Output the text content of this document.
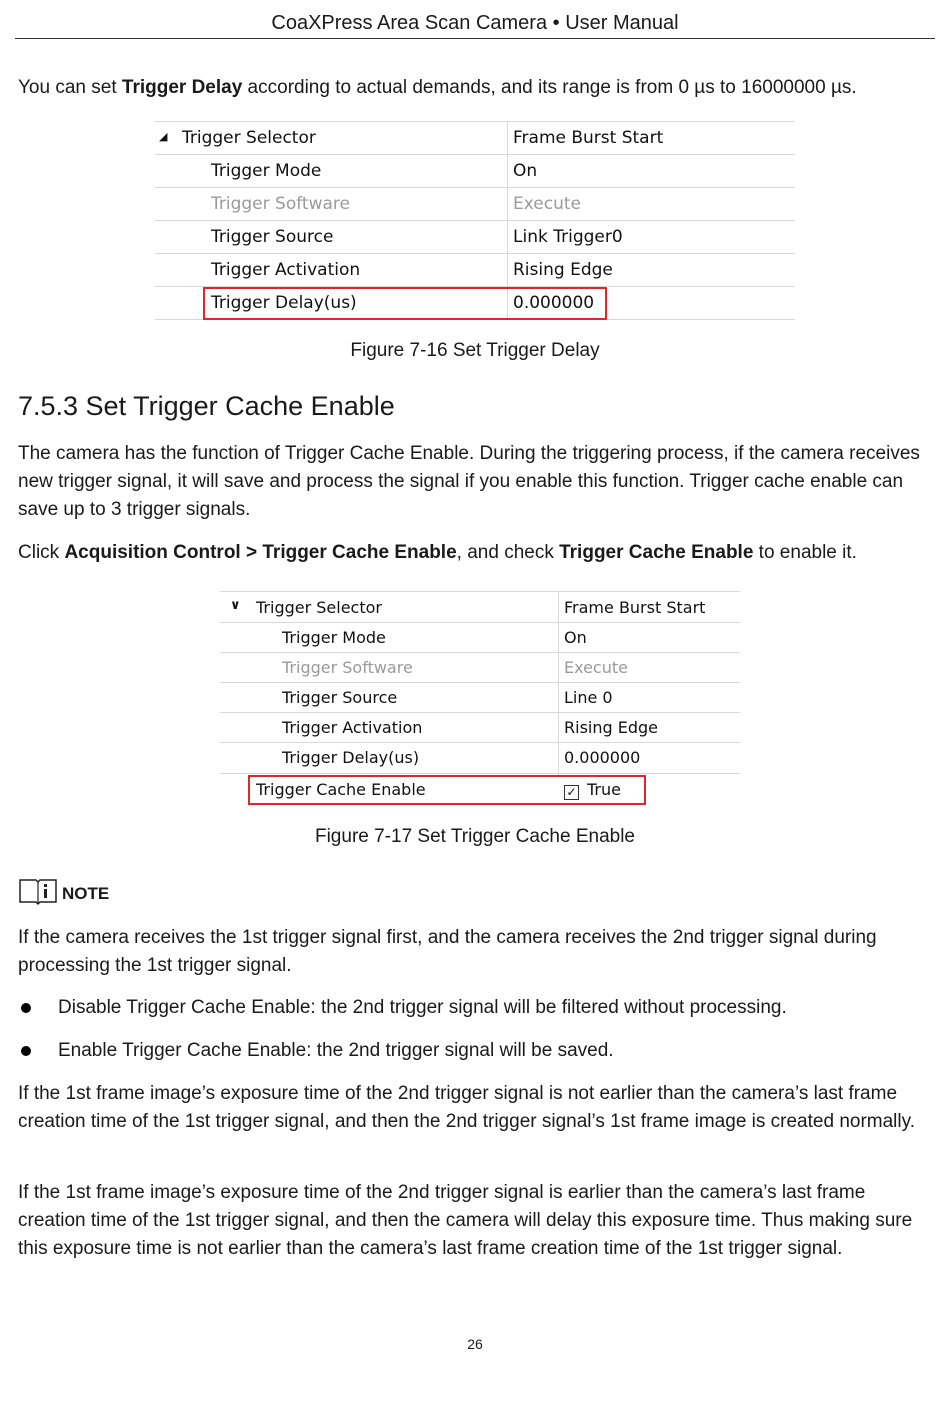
CoaXPress Area Scan Camera • User Manual

You can set Trigger Delay according to actual demands, and its range is from 0 µs to 16000000 µs.

◢ Trigger Selector	Frame Burst Start
Trigger Mode	On
Trigger Software	Execute
Trigger Source	Link Trigger0
Trigger Activation	Rising Edge
Trigger Delay(us)	0.000000
Figure 7-16 Set Trigger Delay
7.5.3 Set Trigger Cache Enable

The camera has the function of Trigger Cache Enable. During the triggering process, if the camera receives new trigger signal, it will save and process the signal if you enable this function. Trigger cache enable can save up to 3 trigger signals.

Click Acquisition Control > Trigger Cache Enable, and check Trigger Cache Enable to enable it.

∨ Trigger Selector	Frame Burst Start
Trigger Mode	On
Trigger Software	Execute
Trigger Source	Line 0
Trigger Activation	Rising Edge
Trigger Delay(us)	0.000000
Trigger Cache Enable	✓ True
Figure 7-17 Set Trigger Cache Enable
NOTE

If the camera receives the 1st trigger signal first, and the camera receives the 2nd trigger signal during processing the 1st trigger signal.

Disable Trigger Cache Enable: the 2nd trigger signal will be filtered without processing.
Enable Trigger Cache Enable: the 2nd trigger signal will be saved.

If the 1st frame image’s exposure time of the 2nd trigger signal is not earlier than the camera’s last frame creation time of the 1st trigger signal, and then the 2nd trigger signal’s 1st frame image is created normally.

If the 1st frame image’s exposure time of the 2nd trigger signal is earlier than the camera’s last frame creation time of the 1st trigger signal, and then the camera will delay this exposure time. Thus making sure this exposure time is not earlier than the camera’s last frame creation time of the 1st trigger signal.

26
